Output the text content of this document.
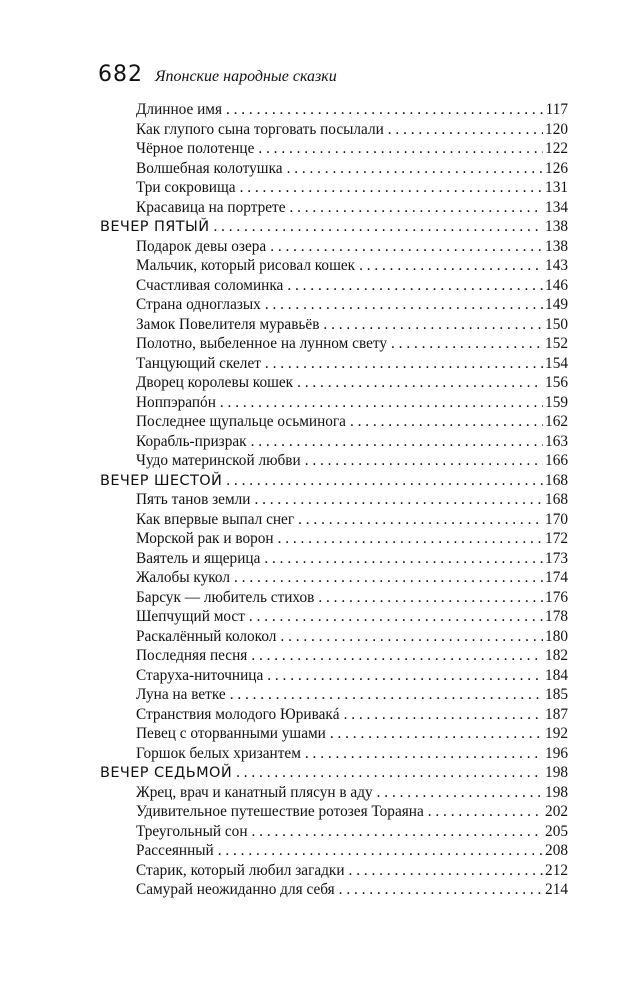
682 Японские народные сказки
Длинное имя . . .	117
Как глупого сына торговать посылали . . .	120
Чёрное полотенце . . .	122
Волшебная колотушка . . .	126
Три сокровища . . .	131
Красавица на портрете . . .	134
ВЕЧЕР ПЯТЫЙ . . .	138
Подарок девы озера . . .	138
Мальчик, который рисовал кошек . . .	143
Счастливая соломинка . . .	146
Страна одноглазых . . .	149
Замок Повелителя муравьёв . . .	150
Полотно, выбеленное на лунном свету . . .	152
Танцующий скелет . . .	154
Дворец королевы кошек . . .	156
Ноппэрапóн . . .	159
Последнее щупальце осьминога . . .	162
Корабль-призрак . . .	163
Чудо материнской любви . . .	166
ВЕЧЕР ШЕСТОЙ . . .	168
Пять танов земли . . .	168
Как впервые выпал снег . . .	170
Морской рак и ворон . . .	172
Ваятель и ящерица . . .	173
Жалобы кукол . . .	174
Барсук — любитель стихов . . .	176
Шепчущий мост . . .	178
Раскалённый колокол . . .	180
Последняя песня . . .	182
Старуха-ниточница . . .	184
Луна на ветке . . .	185
Странствия молодого Юривакá . . .	187
Певец с оторванными ушами . . .	192
Горшок белых хризантем . . .	196
ВЕЧЕР СЕДЬМОЙ . . .	198
Жрец, врач и канатный плясун в аду . . .	198
Удивительное путешествие ротозея Тораяна . . .	202
Треугольный сон . . .	205
Рассеянный . . .	208
Старик, который любил загадки . . .	212
Самурай неожиданно для себя . . .	214
